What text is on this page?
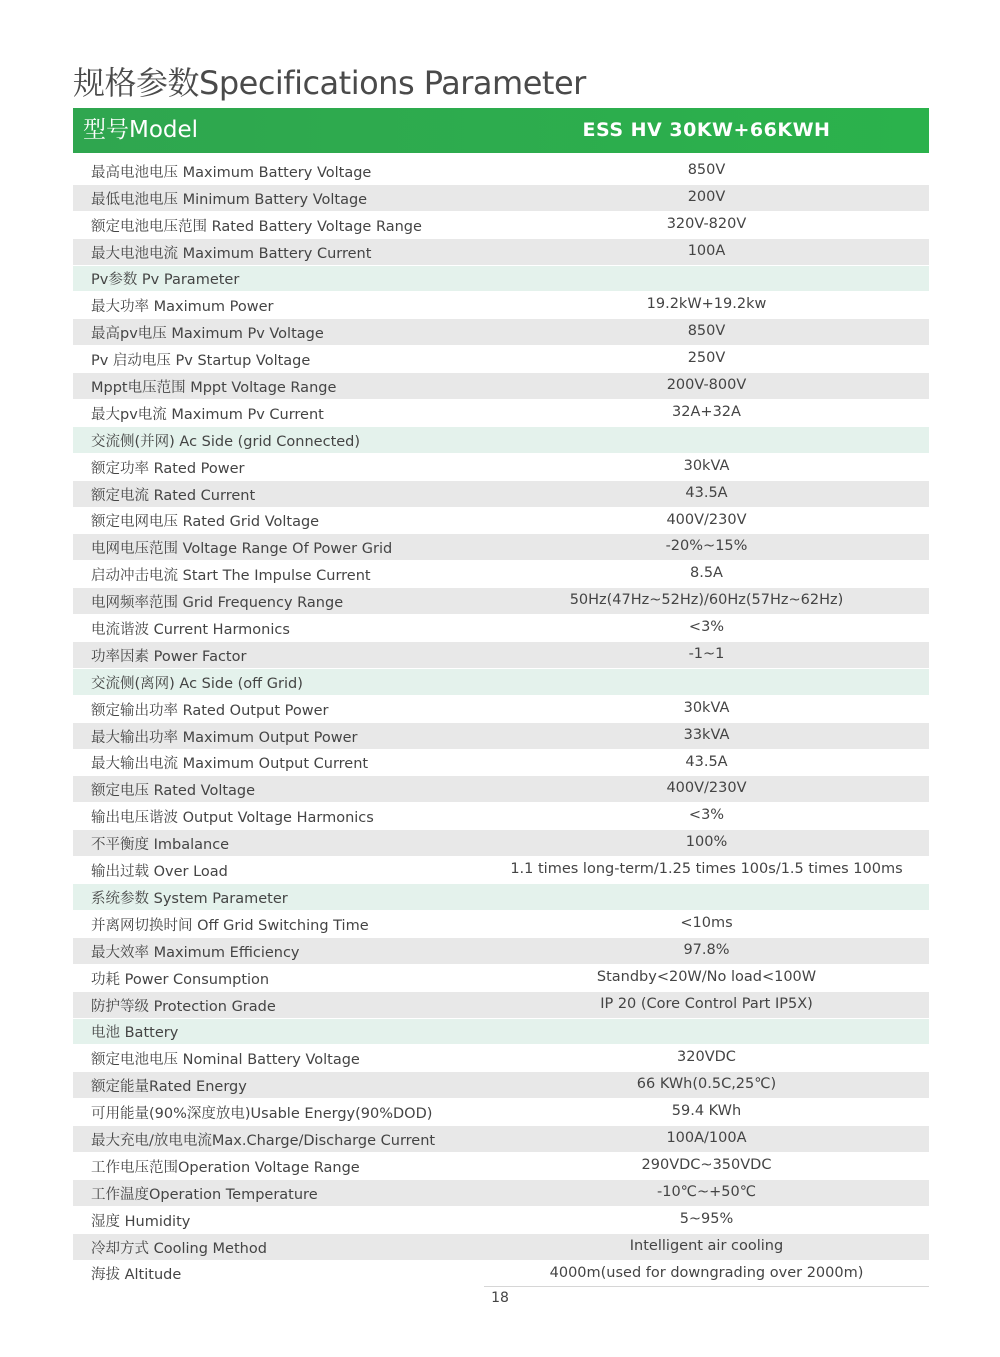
规格参数Specifications Parameter
型号Model	ESS HV 30KW+66KWH
最高电池电压 Maximum Battery Voltage	850V
最低电池电压 Minimum Battery Voltage	200V
额定电池电压范围 Rated Battery Voltage Range	320V-820V
最大电池电流 Maximum Battery Current	100A
Pv参数 Pv Parameter
最大功率 Maximum Power	19.2kW+19.2kw
最高pv电压 Maximum Pv Voltage	850V
Pv 启动电压 Pv Startup Voltage	250V
Mppt电压范围 Mppt Voltage Range	200V-800V
最大pv电流 Maximum Pv Current	32A+32A
交流侧(并网) Ac Side (grid Connected)
额定功率 Rated Power	30kVA
额定电流 Rated Current	43.5A
额定电网电压 Rated Grid Voltage	400V/230V
电网电压范围 Voltage Range Of Power Grid	-20%~15%
启动冲击电流 Start The Impulse Current	8.5A
电网频率范围 Grid Frequency Range	50Hz(47Hz~52Hz)/60Hz(57Hz~62Hz)
电流谐波 Current Harmonics	<3%
功率因素 Power Factor	-1~1
交流侧(离网) Ac Side (off Grid)
额定输出功率 Rated Output Power	30kVA
最大输出功率 Maximum Output Power	33kVA
最大输出电流 Maximum Output Current	43.5A
额定电压 Rated Voltage	400V/230V
输出电压谐波 Output Voltage Harmonics	<3%
不平衡度 Imbalance	100%
输出过载 Over Load	1.1 times long-term/1.25 times 100s/1.5 times 100ms
系统参数 System Parameter
并离网切换时间 Off Grid Switching Time	<10ms
最大效率 Maximum Efficiency	97.8%
功耗 Power Consumption	Standby<20W/No load<100W
防护等级 Protection Grade	IP 20 (Core Control Part IP5X)
电池 Battery
额定电池电压 Nominal Battery Voltage	320VDC
额定能量Rated Energy	66 KWh(0.5C,25℃)
可用能量(90%深度放电)Usable Energy(90%DOD)	59.4 KWh
最大充电/放电电流Max.Charge/Discharge Current	100A/100A
工作电压范围Operation Voltage Range	290VDC~350VDC
工作温度Operation Temperature	-10℃~+50℃
湿度 Humidity	5~95%
冷却方式 Cooling Method	Intelligent air cooling
海拔 Altitude	4000m(used for downgrading over 2000m)
18
